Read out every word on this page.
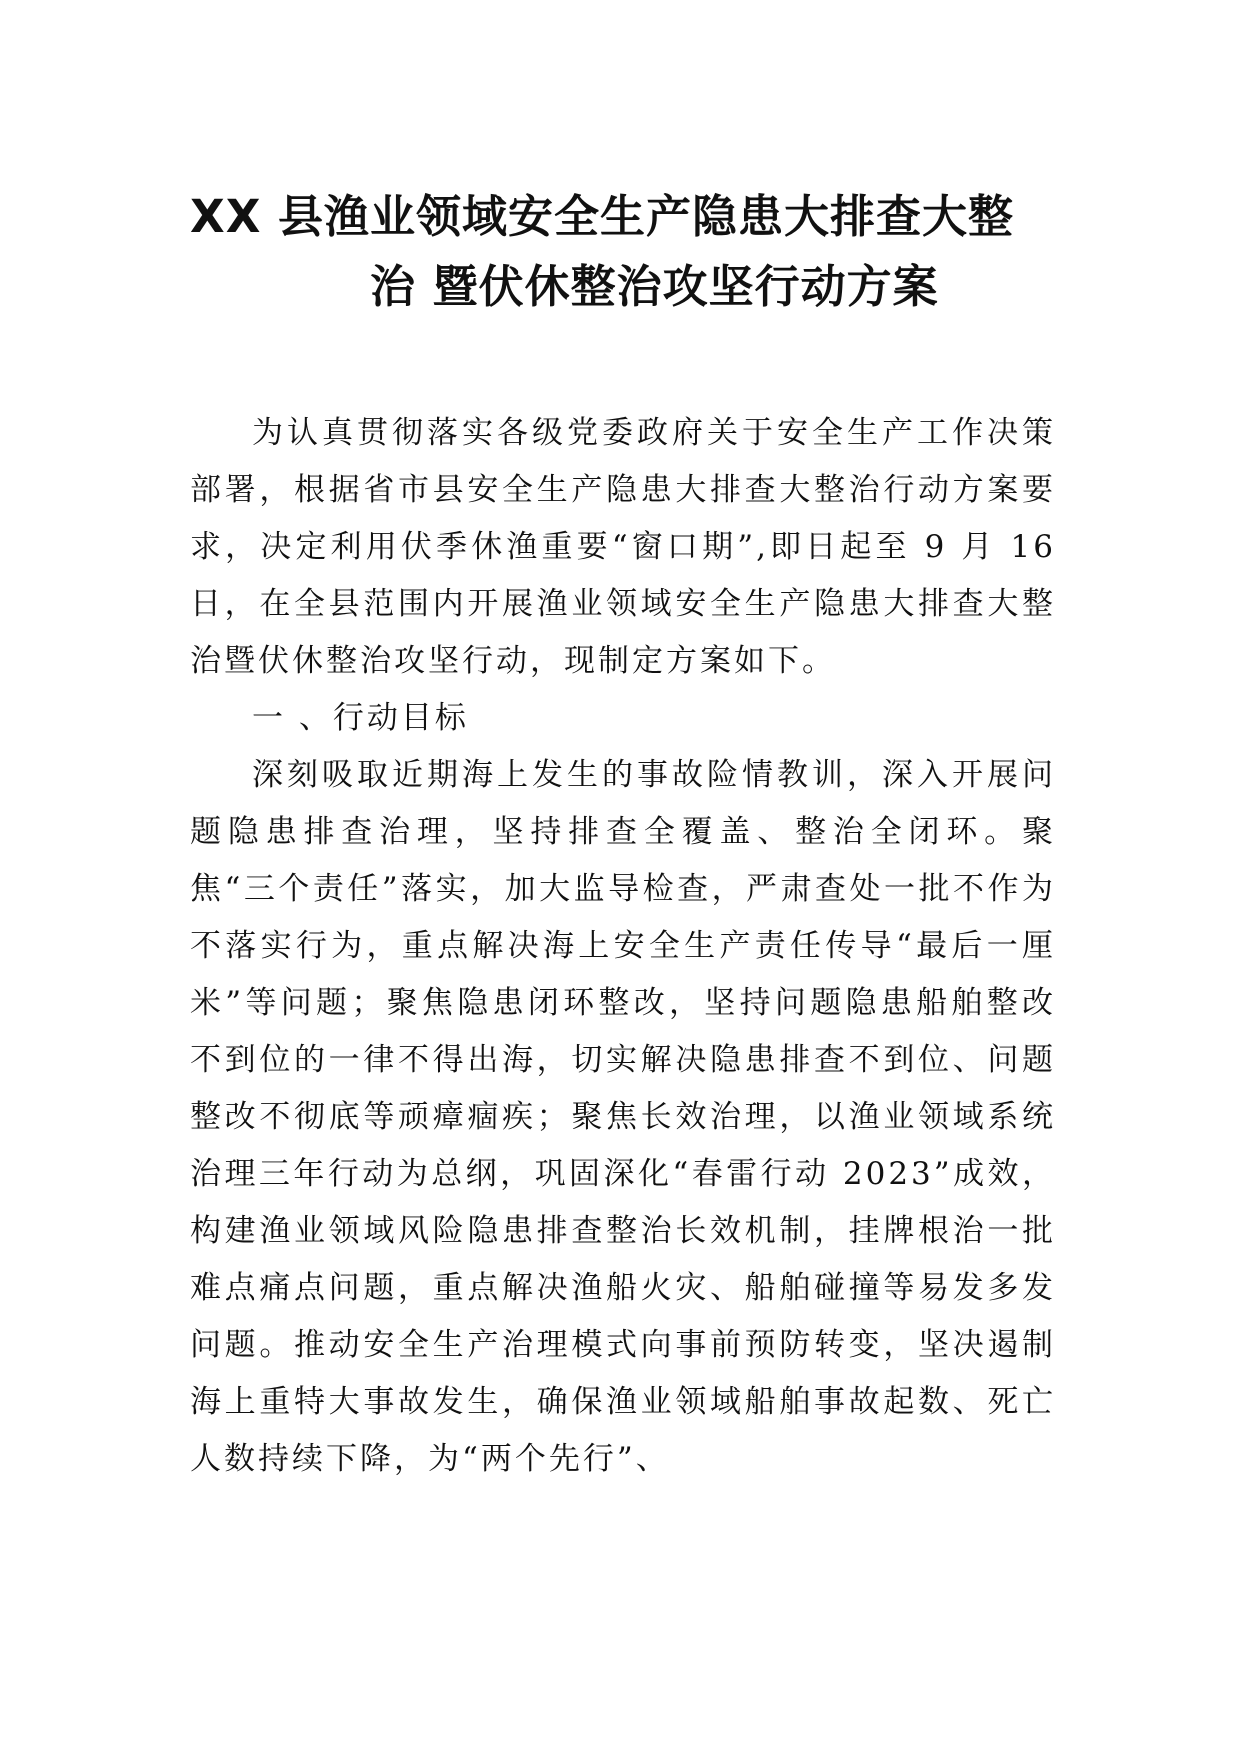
XX 县渔业领域安全生产隐患大排查大整
治 暨伏休整治攻坚行动方案

为认真贯彻落实各级党委政府关于安全生产工作决策部署，根据省市县安全生产隐患大排查大整治行动方案要求，决定利用伏季休渔重要“窗口期”,即日起至 9 月 16 日，在全县范围内开展渔业领域安全生产隐患大排查大整治暨伏休整治攻坚行动，现制定方案如下。

一 、行动目标

深刻吸取近期海上发生的事故险情教训，深入开展问题隐患排查治理，坚持排查全覆盖、整治全闭环。聚焦“三个责任”落实，加大监导检查，严肃查处一批不作为不落实行为，重点解决海上安全生产责任传导“最后一厘米”等问题；聚焦隐患闭环整改，坚持问题隐患船舶整改不到位的一律不得出海，切实解决隐患排查不到位、问题整改不彻底等顽瘴痼疾；聚焦长效治理，以渔业领域系统治理三年行动为总纲，巩固深化“春雷行动 2023”成效，构建渔业领域风险隐患排查整治长效机制，挂牌根治一批难点痛点问题，重点解决渔船火灾、船舶碰撞等易发多发问题。推动安全生产治理模式向事前预防转变，坚决遏制海上重特大事故发生，确保渔业领域船舶事故起数、死亡人数持续下降，为“两个先行”、
